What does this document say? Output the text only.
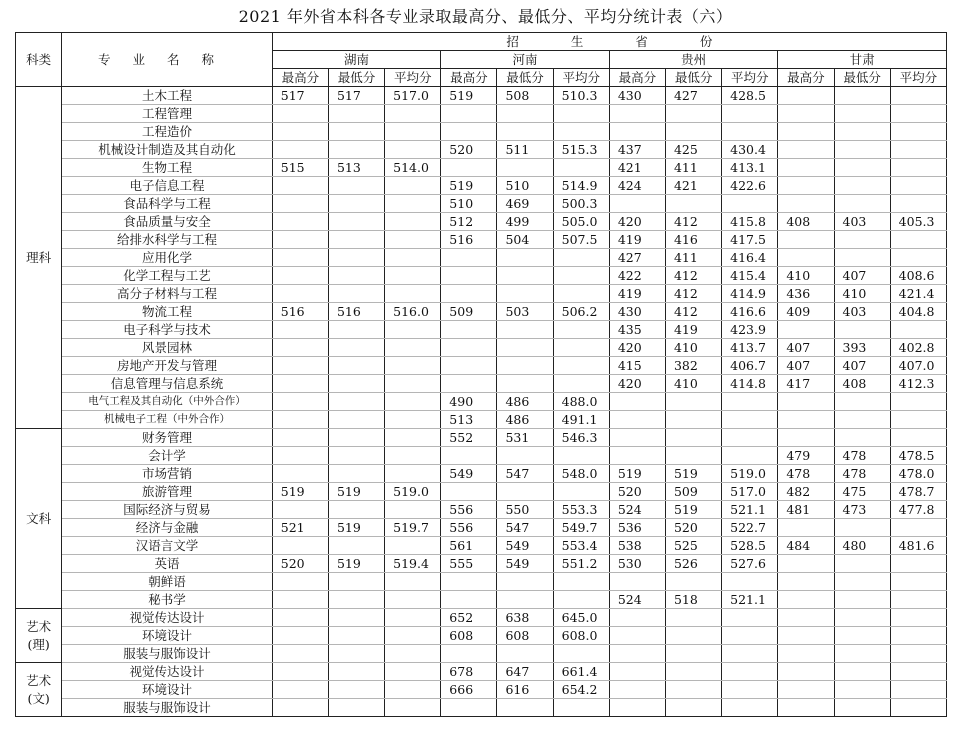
2021 年外省本科各专业录取最高分、最低分、平均分统计表（六）
科类	专业名称	招生省份											
		湖南			河南			贵州			甘肃		
		最高分	最低分	平均分	最高分	最低分	平均分	最高分	最低分	平均分	最高分	最低分	平均分
理科	土木工程	517	517	517.0	519	508	510.3	430	427	428.5			
	工程管理												
	工程造价												
	机械设计制造及其自动化				520	511	515.3	437	425	430.4			
	生物工程	515	513	514.0				421	411	413.1			
	电子信息工程				519	510	514.9	424	421	422.6			
	食品科学与工程				510	469	500.3						
	食品质量与安全				512	499	505.0	420	412	415.8	408	403	405.3
	给排水科学与工程				516	504	507.5	419	416	417.5			
	应用化学							427	411	416.4			
	化学工程与工艺							422	412	415.4	410	407	408.6
	高分子材料与工程							419	412	414.9	436	410	421.4
	物流工程	516	516	516.0	509	503	506.2	430	412	416.6	409	403	404.8
	电子科学与技术							435	419	423.9			
	风景园林							420	410	413.7	407	393	402.8
	房地产开发与管理							415	382	406.7	407	407	407.0
	信息管理与信息系统							420	410	414.8	417	408	412.3
	电气工程及其自动化（中外合作）				490	486	488.0						
	机械电子工程（中外合作）				513	486	491.1						
文科	财务管理				552	531	546.3						
	会计学										479	478	478.5
	市场营销				549	547	548.0	519	519	519.0	478	478	478.0
	旅游管理	519	519	519.0				520	509	517.0	482	475	478.7
	国际经济与贸易				556	550	553.3	524	519	521.1	481	473	477.8
	经济与金融	521	519	519.7	556	547	549.7	536	520	522.7			
	汉语言文学				561	549	553.4	538	525	528.5	484	480	481.6
	英语	520	519	519.4	555	549	551.2	530	526	527.6			
	朝鲜语												
	秘书学							524	518	521.1			
艺术
(理)	视觉传达设计				652	638	645.0						
	环境设计				608	608	608.0						
	服装与服饰设计												
艺术
(文)	视觉传达设计				678	647	661.4						
	环境设计				666	616	654.2						
	服装与服饰设计												
